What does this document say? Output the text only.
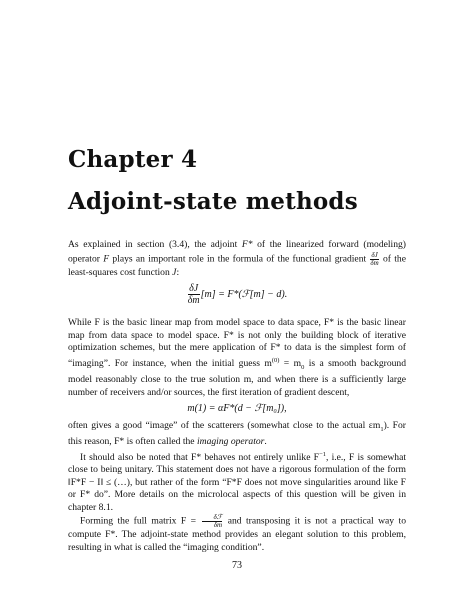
Chapter 4
Adjoint-state methods

As explained in section (3.4), the adjoint F* of the linearized forward (modeling) operator F plays an important role in the formula of the functional gradient $\frac{\delta J}{\delta m}$ of the least-squares cost function J:

$\frac{\delta J}{\delta m} [m]$ = F*(ℱ[m] − d).

While F is the basic linear map from model space to data space, F* is the basic linear map from data space to model space. F* is not only the building block of iterative optimization schemes, but the mere application of F* to data is the simplest form of “imaging”. For instance, when the initial guess $m^{(0)} = m_0$ is a smooth background model reasonably close to the true solution m, and when there is a sufficiently large number of receivers and/or sources, the first iteration of gradient descent,

m(1) = αF*(d − ℱ[m₀]),

often gives a good “image” of the scatterers (somewhat close to the actual $\varepsilon m_1$). For this reason, F* is often called the imaging operator.

It should also be noted that F* behaves not entirely unlike $F^{-1}$, i.e., F is somewhat close to being unitary. This statement does not have a rigorous formulation of the form ‖F*F − I‖ ≤ (…), but rather of the form “F*F does not move singularities around like F or F* do”. More details on the microlocal aspects of this question will be given in chapter 8.1.

Forming the full matrix $F = \frac{\text{δℱ}}{\delta m}$ and transposing it is not a practical way to compute F*. The adjoint-state method provides an elegant solution to this problem, resulting in what is called the “imaging condition”.

73
